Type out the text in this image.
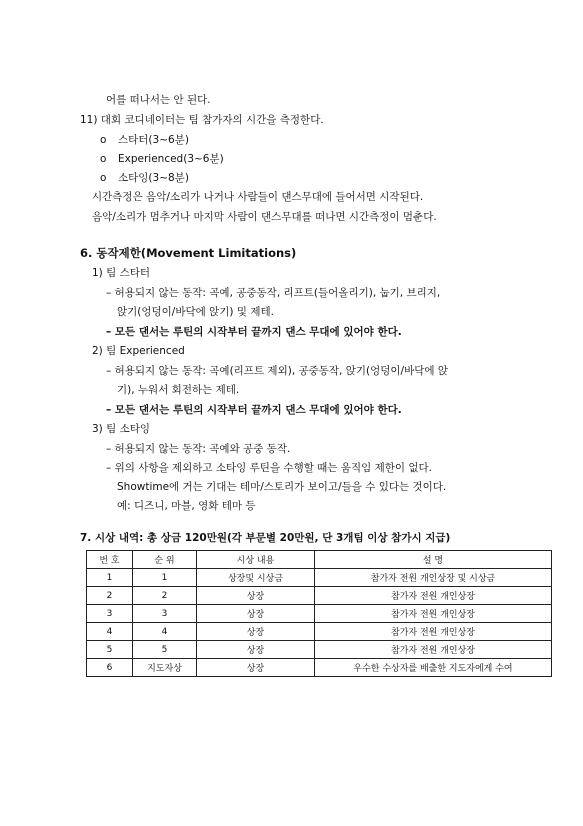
어를 떠나서는 안 된다.
11) 대회 코디네이터는 팀 참가자의 시간을 측정한다.
o 스타터(3~6분)
o Experienced(3~6분)
o 소타잉(3~8분)
시간측정은 음악/소리가 나거나 사람들이 댄스무대에 들어서면 시작된다.
음악/소리가 멈추거나 마지막 사람이 댄스무대를 떠나면 시간측정이 멈춘다.
6. 동작제한(Movement Limitations)
1) 팀 스타터
– 허용되지 않는 동작: 곡예, 공중동작, 리프트(들어올리기), 눕기, 브리지,
앉기(엉덩이/바닥에 앉기) 및 제테.
– 모든 댄서는 루틴의 시작부터 끝까지 댄스 무대에 있어야 한다.
2) 팀 Experienced
– 허용되지 않는 동작: 곡예(리프트 제외), 공중동작, 앉기(엉덩이/바닥에 앉
기), 누워서 회전하는 제테.
– 모든 댄서는 루틴의 시작부터 끝까지 댄스 무대에 있어야 한다.
3) 팀 소타잉
– 허용되지 않는 동작: 곡예와 공중 동작.
– 위의 사항을 제외하고 소타잉 루틴을 수행할 때는 움직임 제한이 없다.
Showtime에 거는 기대는 테마/스토리가 보이고/들을 수 있다는 것이다.
예: 디즈니, 마블, 영화 테마 등
7. 시상 내역: 총 상금 120만원(각 부문별 20만원, 단 3개팀 이상 참가시 지급)
번 호	순 위	시상 내용	설 명
1	1	상장및 시상금	참가자 전원 개인상장 및 시상금
2	2	상장	참가자 전원 개인상장
3	3	상장	참가자 전원 개인상장
4	4	상장	참가자 전원 개인상장
5	5	상장	참가자 전원 개인상장
6	지도자상	상장	우수한 수상자를 배출한 지도자에게 수여
